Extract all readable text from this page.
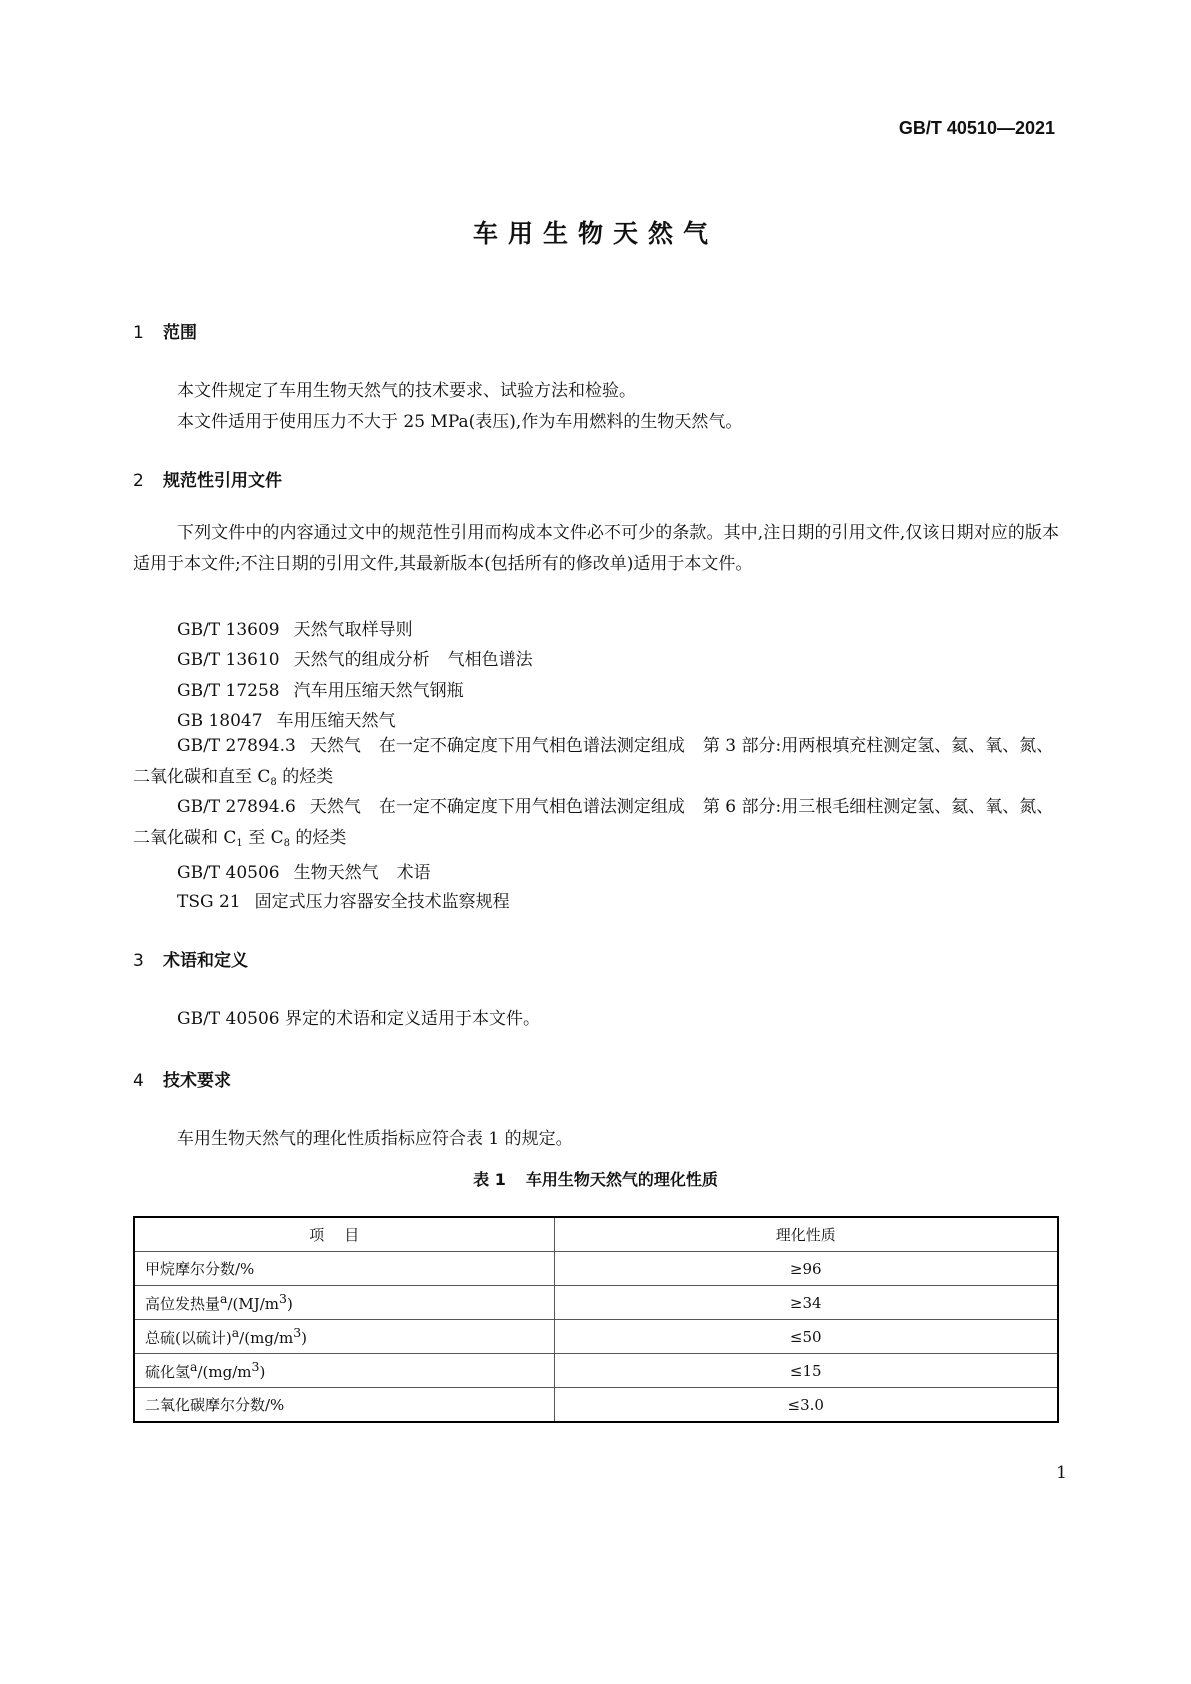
GB/T 40510—2021
车用生物天然气
1 范围
本文件规定了车用生物天然气的技术要求、试验方法和检验。
本文件适用于使用压力不大于 25 MPa(表压),作为车用燃料的生物天然气。
2 规范性引用文件
下列文件中的内容通过文中的规范性引用而构成本文件必不可少的条款。其中,注日期的引用文件,仅该日期对应的版本适用于本文件;不注日期的引用文件,其最新版本(包括所有的修改单)适用于本文件。
GB/T 13609 天然气取样导则
GB/T 13610 天然气的组成分析 气相色谱法
GB/T 17258 汽车用压缩天然气钢瓶
GB 18047 车用压缩天然气
GB/T 27894.3 天然气 在一定不确定度下用气相色谱法测定组成 第 3 部分:用两根填充柱测定氢、氦、氧、氮、二氧化碳和直至 $C_8$ 的烃类
GB/T 27894.6 天然气 在一定不确定度下用气相色谱法测定组成 第 6 部分:用三根毛细柱测定氢、氦、氧、氮、二氧化碳和 $C_1$ 至 $C_8$ 的烃类
GB/T 40506 生物天然气 术语
TSG 21 固定式压力容器安全技术监察规程
3 术语和定义
GB/T 40506 界定的术语和定义适用于本文件。
4 技术要求
车用生物天然气的理化性质指标应符合表 1 的规定。
表 1 车用生物天然气的理化性质
项目	理化性质
甲烷摩尔分数/%	≥96
高位发热量$^a/(MJ/m^3)$	≥34
总硫(以硫计)$^a/(mg/m^3)$	≤50
硫化氢$^a/(mg/m^3)$	≤15
二氧化碳摩尔分数/%	≤3.0
1
